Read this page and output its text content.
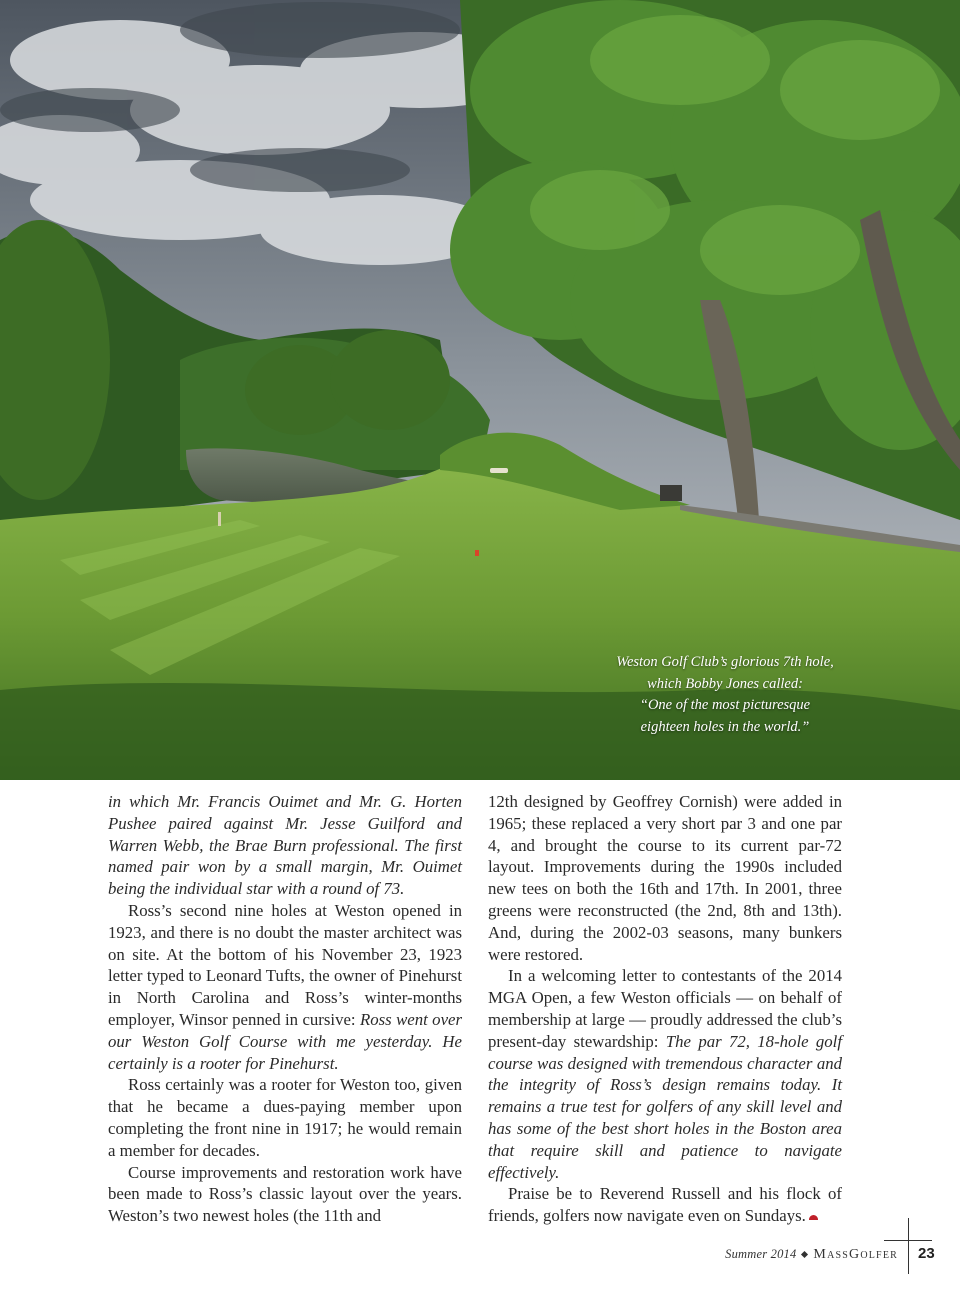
Weston Golf Club’s glorious 7th hole,
which Bobby Jones called:
“One of the most picturesque
eighteen holes in the world.”

in which Mr. Francis Ouimet and Mr. G. Horten Pushee paired against Mr. Jesse Guilford and Warren Webb, the Brae Burn professional. The first named pair won by a small margin, Mr. Ouimet being the individual star with a round of 73.

Ross’s second nine holes at Weston opened in 1923, and there is no doubt the master architect was on site. At the bottom of his November 23, 1923 letter typed to Leonard Tufts, the owner of Pinehurst in North Carolina and Ross’s winter-months employer, Winsor penned in cursive: Ross went over our Weston Golf Course with me yesterday. He certainly is a rooter for Pinehurst.

Ross certainly was a rooter for Weston too, given that he became a dues-paying member upon completing the front nine in 1917; he would remain a member for decades.

Course improvements and restoration work have been made to Ross’s classic layout over the years. Weston’s two newest holes (the 11th and

12th designed by Geoffrey Cornish) were added in 1965; these replaced a very short par 3 and one par 4, and brought the course to its current par-72 layout. Improvements during the 1990s included new tees on both the 16th and 17th. In 2001, three greens were reconstructed (the 2nd, 8th and 13th). And, during the 2002-03 seasons, many bunkers were restored.

In a welcoming letter to contestants of the 2014 MGA Open, a few Weston officials — on behalf of membership at large — proudly addressed the club’s present-day stewardship: The par 72, 18-hole golf course was designed with tremendous character and the integrity of Ross’s design remains today. It remains a true test for golfers of any skill level and has some of the best short holes in the Boston area that require skill and patience to navigate effectively.

Praise be to Reverend Russell and his flock of friends, golfers now navigate even on Sundays.

Summer 2014 MassGolfer 23
